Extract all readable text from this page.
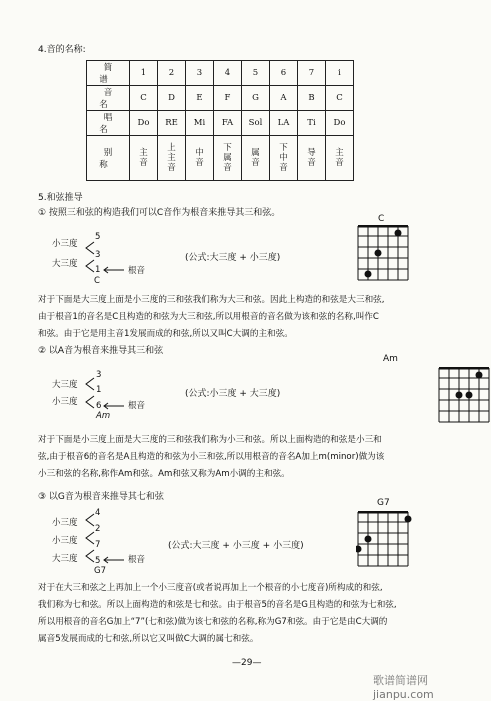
4.音的名称:
简谱	1	2	3	4	5	6	7	i
音名	C	D	E	F	G	A	B	C
唱名	Do	RE	Mi	FA	Sol	LA	Ti	Do
别称	主音	上主音	中音	下属音	属音	下中音	导音	主音
5.和弦推导
① 按照三和弦的构造我们可以C音作为根音来推导其三和弦。
小三度
大三度
5
3
1
C
根音
(公式:大三度 + 小三度)
C
对于下面是大三度上面是小三度的三和弦我们称为大三和弦。因此上构造的和弦是大三和弦,
由于根音1的音名是C且构造的和弦为大三和弦,所以用根音的音名做为该和弦的名称,叫作C
和弦。由于它是用主音1发展而成的和弦,所以又叫C大调的主和弦。
② 以A音为根音来推导其三和弦
大三度
小三度
3
1
6
Am
根音
(公式:小三度 + 大三度)
Am
对于下面是小三度上面是大三度的三和弦我们称为小三和弦。所以上面构造的和弦是小三和
弦,由于根音6的音名是A且构造的和弦为小三和弦,所以用根音的音名A加上m(minor)做为该
小三和弦的名称,称作Am和弦。Am和弦又称为Am小调的主和弦。
③ 以G音为根音来推导其七和弦
小三度
小三度
大三度
4
2
7
5
G7
根音
(公式:大三度 + 小三度 + 小三度)
G7
对于在大三和弦之上再加上一个小三度音(或者说再加上一个根音的小七度音)所构成的和弦,
我们称为七和弦。所以上面构造的和弦是七和弦。由于根音5的音名是G且构造的和弦为七和弦,
所以用根音的音名G加上“7”(七和弦)做为该七和弦的名称,称为G7和弦。由于它是由C大调的
属音5发展而成的七和弦,所以它又叫做C大调的属七和弦。
—29—
歌谱简谱网 jianpu.com
